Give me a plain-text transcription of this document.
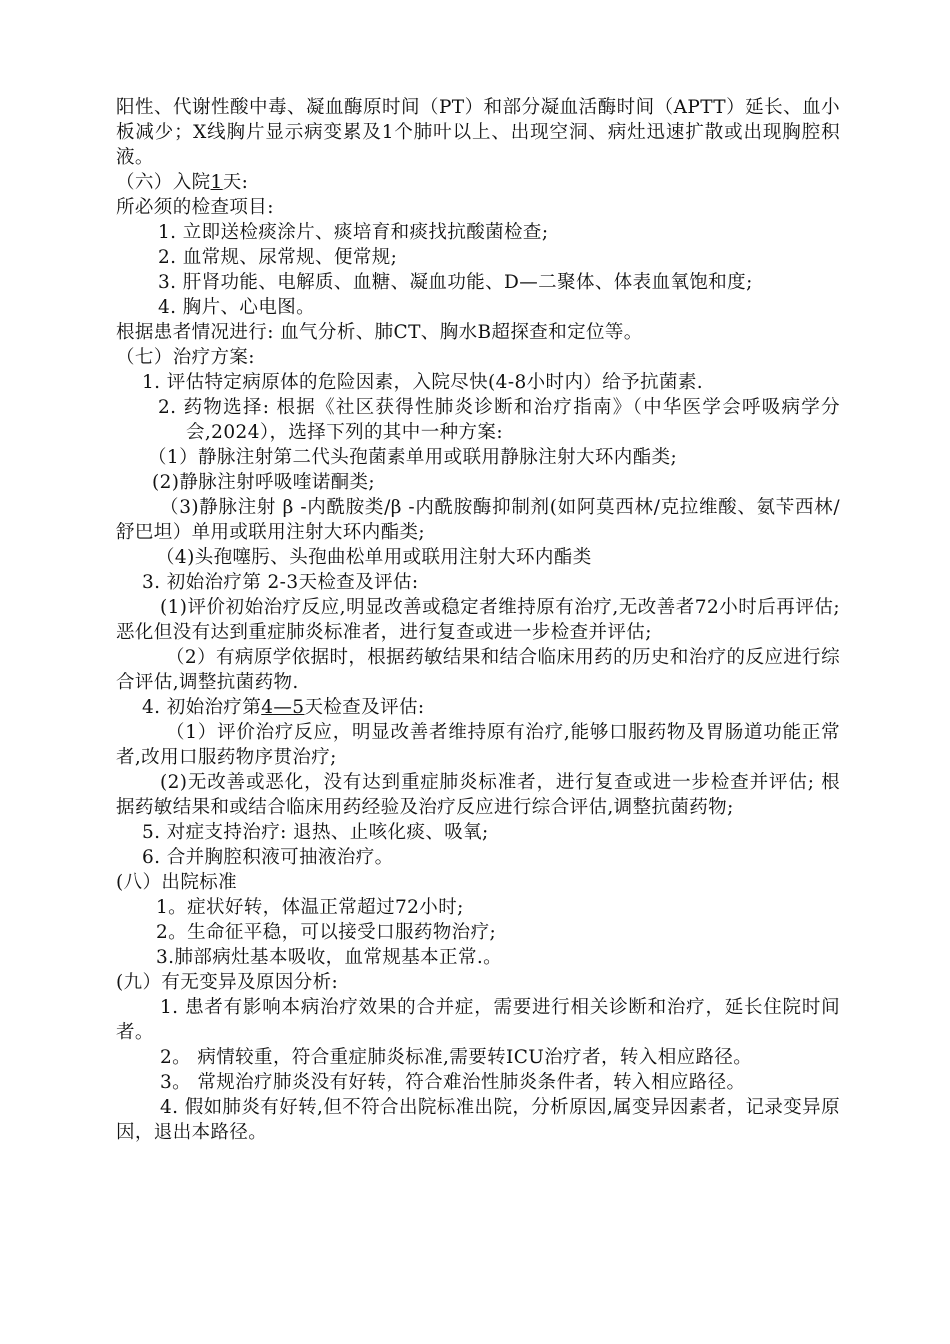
阳性、代谢性酸中毒、凝血酶原时间（PT）和部分凝血活酶时间（APTT）延长、血小板减少；X线胸片显示病变累及1个肺叶以上、出现空洞、病灶迅速扩散或出现胸腔积液。

（六）入院1天:

所必须的检查项目:

1. 立即送检痰涂片、痰培育和痰找抗酸菌检查;

2. 血常规、尿常规、便常规;

3. 肝肾功能、电解质、血糖、凝血功能、D—二聚体、体表血氧饱和度;

4. 胸片、心电图。

根据患者情况进行: 血气分析、肺CT、胸水B超探查和定位等。

（七）治疗方案:

1. 评估特定病原体的危险因素，入院尽快(4-8小时内）给予抗菌素.

2. 药物选择: 根据《社区获得性肺炎诊断和治疗指南》（中华医学会呼吸病学分会,2024），选择下列的其中一种方案:

（1）静脉注射第二代头孢菌素单用或联用静脉注射大环内酯类;

(2)静脉注射呼吸喹诺酮类;

（3)静脉注射 β -内酰胺类/β -内酰胺酶抑制剂(如阿莫西林/克拉维酸、氨苄西林/舒巴坦）单用或联用注射大环内酯类;

（4)头孢噻肟、头孢曲松单用或联用注射大环内酯类

3. 初始治疗第 2-3天检查及评估:

(1)评价初始治疗反应,明显改善或稳定者维持原有治疗,无改善者72小时后再评估; 恶化但没有达到重症肺炎标准者，进行复查或进一步检查并评估;

（2）有病原学依据时，根据药敏结果和结合临床用药的历史和治疗的反应进行综合评估,调整抗菌药物.

4. 初始治疗第4—5天检查及评估:

（1）评价治疗反应，明显改善者维持原有治疗,能够口服药物及胃肠道功能正常者,改用口服药物序贯治疗;

(2)无改善或恶化，没有达到重症肺炎标准者，进行复查或进一步检查并评估; 根据药敏结果和或结合临床用药经验及治疗反应进行综合评估,调整抗菌药物;

5. 对症支持治疗: 退热、止咳化痰、吸氧;

6. 合并胸腔积液可抽液治疗。

(八）出院标准

1。症状好转，体温正常超过72小时;

2。生命征平稳，可以接受口服药物治疗;

3.肺部病灶基本吸收，血常规基本正常.。

(九）有无变异及原因分析:

1. 患者有影响本病治疗效果的合并症，需要进行相关诊断和治疗，延长住院时间者。

2。 病情较重，符合重症肺炎标准,需要转ICU治疗者，转入相应路径。

3。 常规治疗肺炎没有好转，符合难治性肺炎条件者，转入相应路径。

4. 假如肺炎有好转,但不符合出院标准出院，分析原因,属变异因素者，记录变异原因，退出本路径。
